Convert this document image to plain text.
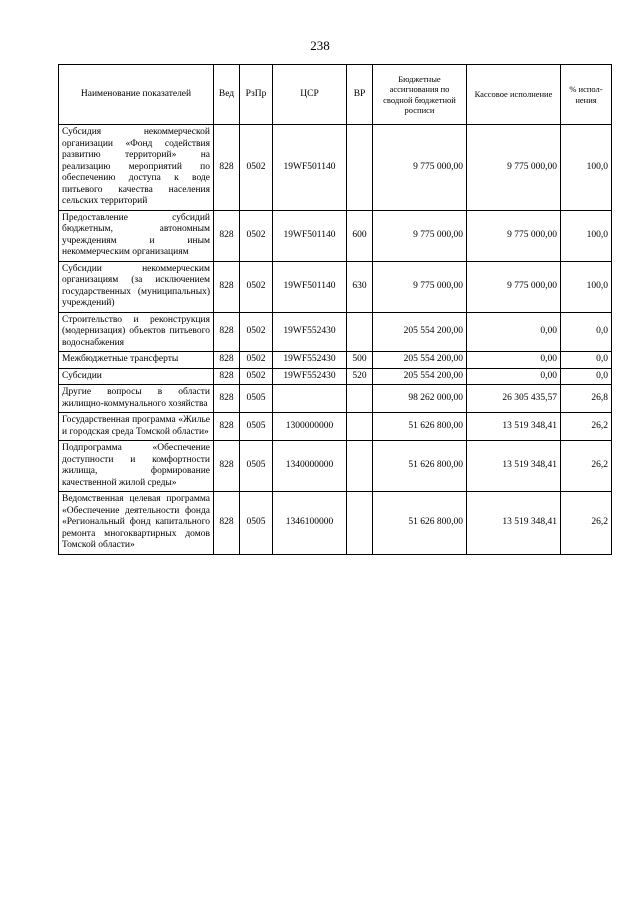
238
Наименование показателей	Вед	РзПр	ЦСР	ВР	Бюджетные ассигнования по сводной бюджетной росписи	Кассовое исполнение	% испол-нения
Субсидия некоммерческой организации «Фонд содействия развитию территорий» на реализацию мероприятий по обеспечению доступа к воде питьевого качества населения сельских территорий	828	0502	19WF501140		9 775 000,00	9 775 000,00	100,0
Предоставление субсидий бюджетным, автономным учреждениям и иным некоммерческим организациям	828	0502	19WF501140	600	9 775 000,00	9 775 000,00	100,0
Субсидии некоммерческим организациям (за исключением государственных (муниципальных) учреждений)	828	0502	19WF501140	630	9 775 000,00	9 775 000,00	100,0
Строительство и реконструкция (модернизация) объектов питьевого водоснабжения	828	0502	19WF552430		205 554 200,00	0,00	0,0
Межбюджетные трансферты	828	0502	19WF552430	500	205 554 200,00	0,00	0,0
Субсидии	828	0502	19WF552430	520	205 554 200,00	0,00	0,0
Другие вопросы в области жилищно-коммунального хозяйства	828	0505			98 262 000,00	26 305 435,57	26,8
Государственная программа «Жилье и городская среда Томской области»	828	0505	1300000000		51 626 800,00	13 519 348,41	26,2
Подпрограмма «Обеспечение доступности и комфортности жилища, формирование качественной жилой среды»	828	0505	1340000000		51 626 800,00	13 519 348,41	26,2
Ведомственная целевая программа «Обеспечение деятельности фонда «Региональный фонд капитального ремонта многоквартирных домов Томской области»	828	0505	1346100000		51 626 800,00	13 519 348,41	26,2
